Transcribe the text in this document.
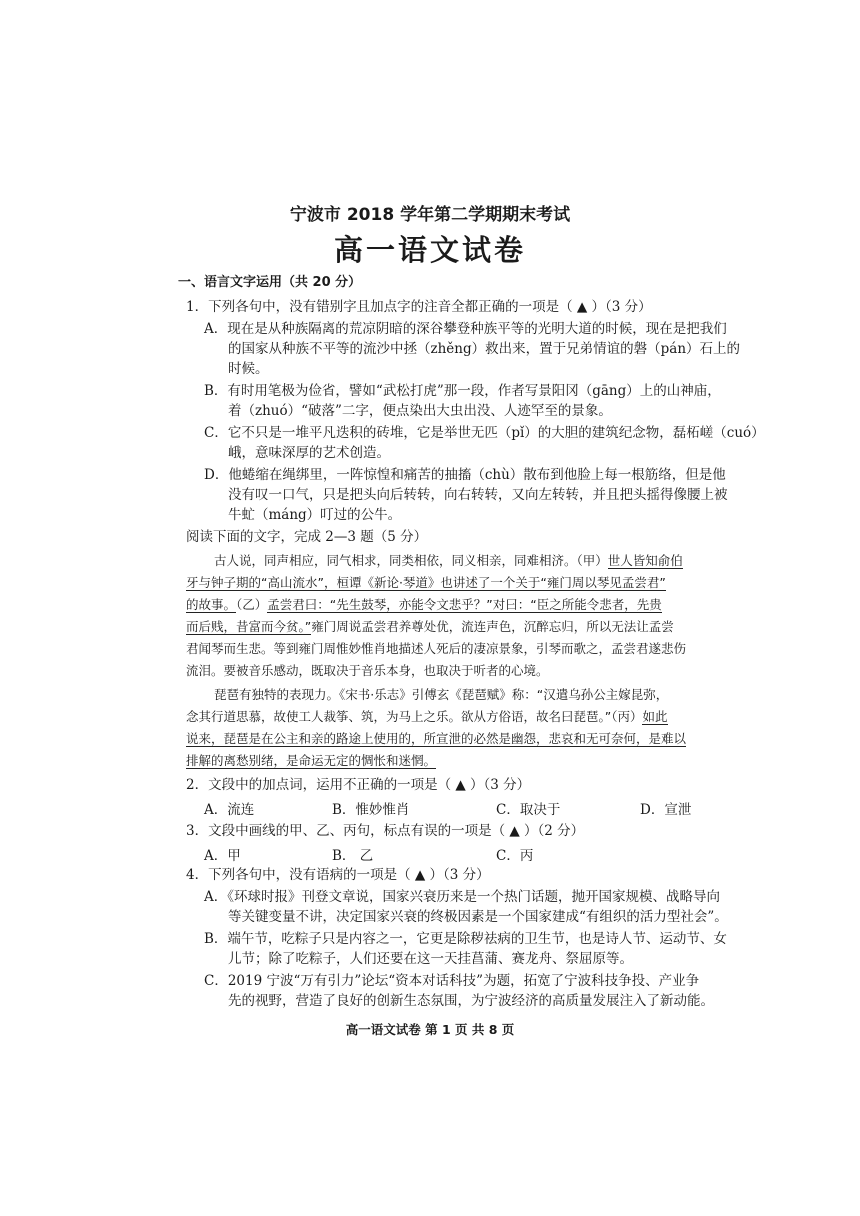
宁波市 2018 学年第二学期期末考试
高一语文试卷
一、语言文字运用（共 20 分）
1．下列各句中，没有错别字且加点字的注音全都正确的一项是（ ▲ ）（3 分）
A．现在是从种族隔离的荒凉阴暗的深谷攀登种族平等的光明大道的时候，现在是把我们
的国家从种族不平等的流沙中拯（zhěng）救出来，置于兄弟情谊的磐（pán）石上的
时候。
B．有时用笔极为俭省，譬如“武松打虎”那一段，作者写景阳冈（gāng）上的山神庙，
着（zhuó）“破落”二字，便点染出大虫出没、人迹罕至的景象。
C．它不只是一堆平凡迭积的砖堆，它是举世无匹（pǐ）的大胆的建筑纪念物，磊柘嵯（cuó）
峨，意味深厚的艺术创造。
D．他蜷缩在绳绑里，一阵惊惶和痛苦的抽搐（chù）散布到他脸上每一根筋络，但是他
没有叹一口气，只是把头向后转转，向右转转，又向左转转，并且把头摇得像腰上被
牛虻（máng）叮过的公牛。
阅读下面的文字，完成 2—3 题（5 分）
古人说，同声相应，同气相求，同类相依，同义相亲，同难相济。（甲）世人皆知俞伯
牙与钟子期的“高山流水”，桓谭《新论·琴道》也讲述了一个关于“雍门周以琴见孟尝君”
的故事。（乙）孟尝君曰：“先生鼓琴，亦能令文悲乎？”对曰：“臣之所能令悲者，先贵
而后贱，昔富而今贫。”雍门周说孟尝君养尊处优，流连声色，沉醉忘归，所以无法让孟尝
君闻琴而生悲。等到雍门周惟妙惟肖地描述人死后的凄凉景象，引琴而歌之，孟尝君遂悲伤
流泪。要被音乐感动，既取决于音乐本身，也取决于听者的心境。
琵琶有独特的表现力。《宋书·乐志》引傅玄《琵琶赋》称：“汉遣乌孙公主嫁昆弥，
念其行道思慕，故使工人裁筝、筑，为马上之乐。欲从方俗语，故名曰琵琶。”（丙）如此
说来，琵琶是在公主和亲的路途上使用的，所宣泄的必然是幽怨，悲哀和无可奈何，是难以
排解的离愁别绪，是命运无定的惆怅和迷惘。
2．文段中的加点词，运用不正确的一项是（ ▲ ）（3 分）
A．流连	B．惟妙惟肖	C．取决于	D．宣泄
3．文段中画线的甲、乙、丙句，标点有误的一项是（ ▲ ）（2 分）
A．甲	B． 乙	C．丙
4．下列各句中，没有语病的一项是（ ▲ ）（3 分）
A．《环球时报》刊登文章说，国家兴衰历来是一个热门话题，抛开国家规模、战略导向
等关键变量不讲，决定国家兴衰的终极因素是一个国家建成“有组织的活力型社会”。
B．端午节，吃粽子只是内容之一，它更是除秽祛病的卫生节，也是诗人节、运动节、女
儿节；除了吃粽子，人们还要在这一天挂菖蒲、赛龙舟、祭屈原等。
C．2019 宁波“万有引力”论坛“资本对话科技”为题，拓宽了宁波科技争投、产业争
先的视野，营造了良好的创新生态氛围，为宁波经济的高质量发展注入了新动能。
高一语文试卷 第 1 页 共 8 页
